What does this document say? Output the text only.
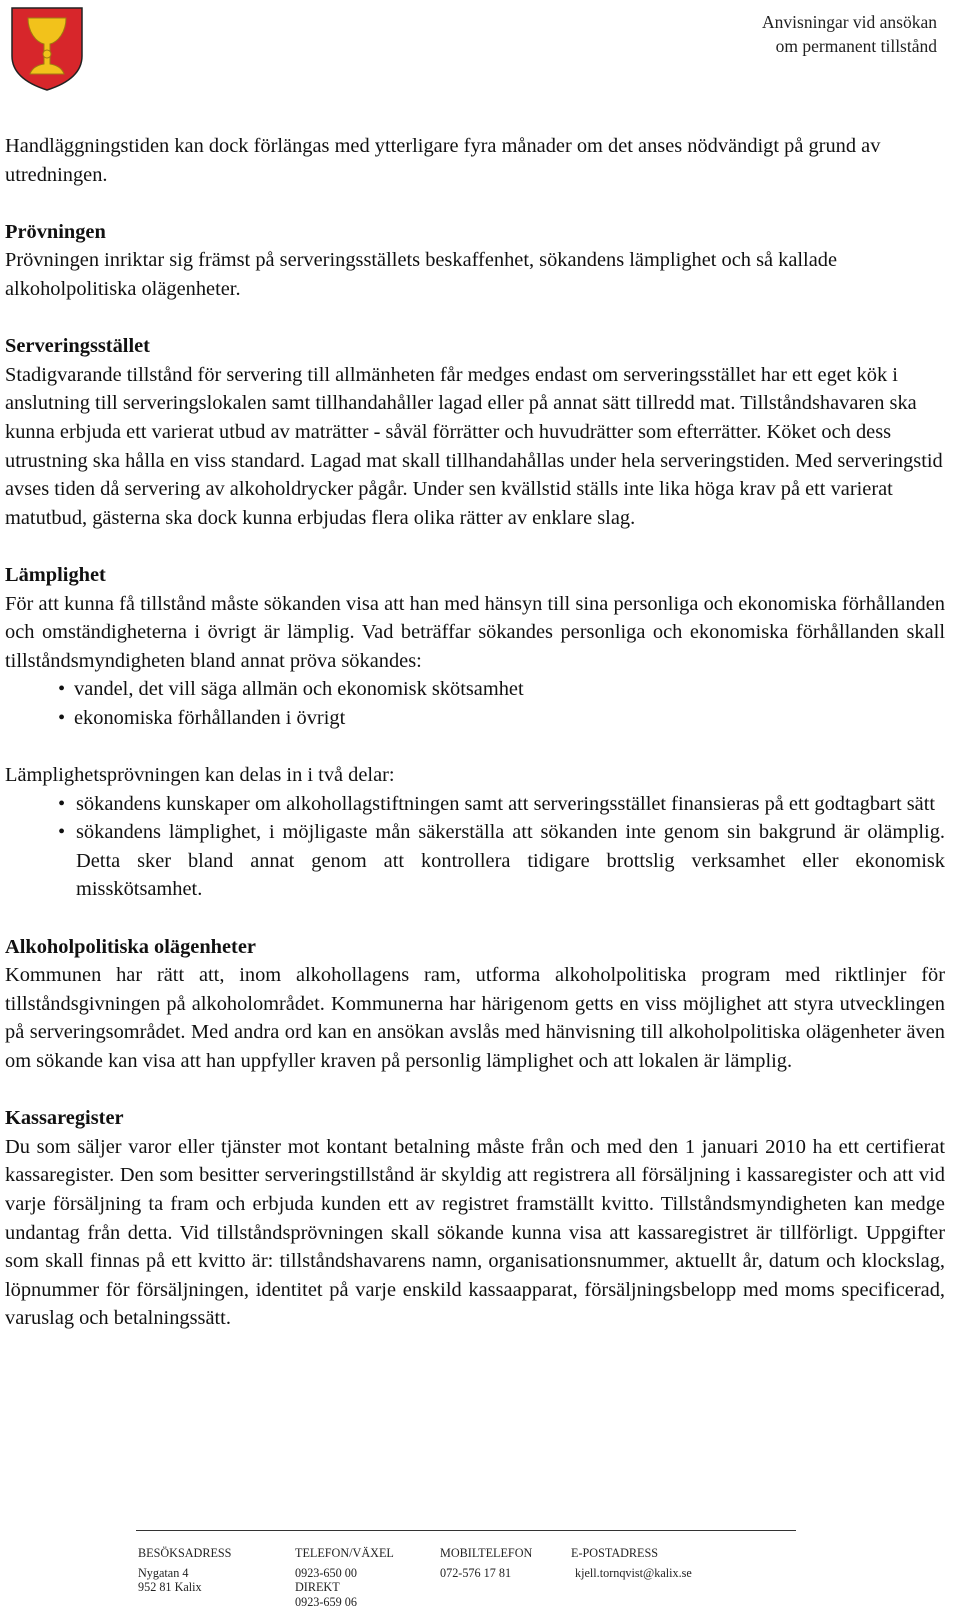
Anvisningar vid ansökan
om permanent tillstånd

Handläggningstiden kan dock förlängas med ytterligare fyra månader om det anses nödvändigt på grund av utredningen.

Prövningen

Prövningen inriktar sig främst på serveringsställets beskaffenhet, sökandens lämplighet och så kallade alkoholpolitiska olägenheter.

Serveringsstället

Stadigvarande tillstånd för servering till allmänheten får medges endast om serveringsstället har ett eget kök i anslutning till serveringslokalen samt tillhandahåller lagad eller på annat sätt tillredd mat. Tillståndshavaren ska kunna erbjuda ett varierat utbud av maträtter - såväl förrätter och huvudrätter som efterrätter. Köket och dess utrustning ska hålla en viss standard. Lagad mat skall tillhandahållas under hela serveringstiden. Med serveringstid avses tiden då servering av alkoholdrycker pågår. Under sen kvällstid ställs inte lika höga krav på ett varierat matutbud, gästerna ska dock kunna erbjudas flera olika rätter av enklare slag.

Lämplighet

För att kunna få tillstånd måste sökanden visa att han med hänsyn till sina personliga och ekonomiska förhållanden och omständigheterna i övrigt är lämplig. Vad beträffar sökandes personliga och ekonomiska förhållanden skall tillståndsmyndigheten bland annat pröva sökandes:

• vandel, det vill säga allmän och ekonomisk skötsamhet
• ekonomiska förhållanden i övrigt

Lämplighetsprövningen kan delas in i två delar:

• sökandens kunskaper om alkohollagstiftningen samt att serveringsstället finansieras på ett godtagbart sätt
• sökandens lämplighet, i möjligaste mån säkerställa att sökanden inte genom sin bakgrund är olämplig. Detta sker bland annat genom att kontrollera tidigare brottslig verksamhet eller ekonomisk misskötsamhet.
Alkoholpolitiska olägenheter

Kommunen har rätt att, inom alkohollagens ram, utforma alkoholpolitiska program med riktlinjer för tillståndsgivningen på alkoholområdet. Kommunerna har härigenom getts en viss möjlighet att styra utvecklingen på serveringsområdet. Med andra ord kan en ansökan avslås med hänvisning till alkoholpolitiska olägenheter även om sökande kan visa att han uppfyller kraven på personlig lämplighet och att lokalen är lämplig.

Kassaregister

Du som säljer varor eller tjänster mot kontant betalning måste från och med den 1 januari 2010 ha ett certifierat kassaregister. Den som besitter serveringstillstånd är skyldig att registrera all försäljning i kassaregister och att vid varje försäljning ta fram och erbjuda kunden ett av registret framställt kvitto. Tillståndsmyndigheten kan medge undantag från detta. Vid tillståndsprövningen skall sökande kunna visa att kassaregistret är tillförligt. Uppgifter som skall finnas på ett kvitto är: tillståndshavarens namn, organisationsnummer, aktuellt år, datum och klockslag, löpnummer för försäljningen, identitet på varje enskild kassaapparat, försäljningsbelopp med moms specificerad, varuslag och betalningssätt.

BESÖKSADRESS
Nygatan 4
952 81 Kalix
TELEFON/VÄXEL
0923-650 00
DIREKT
0923-659 06
MOBILTELEFON
072-576 17 81
E-POSTADRESS
kjell.tornqvist@kalix.se
